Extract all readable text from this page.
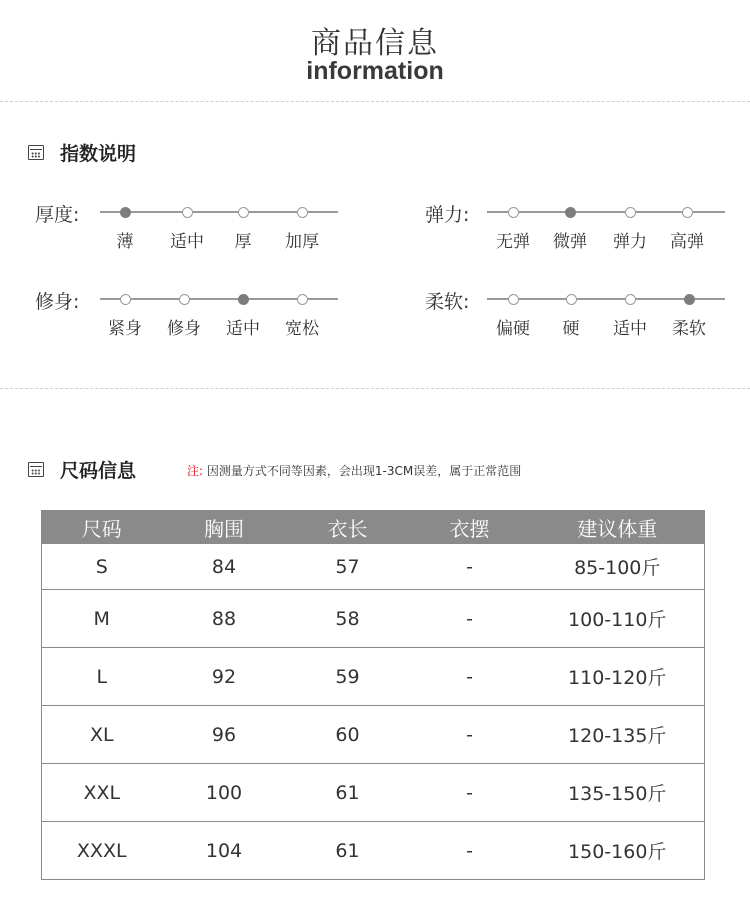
商品信息
information
指数说明
厚度:
薄	适中	厚	加厚
弹力:
无弹	微弹	弹力	高弹
修身:
紧身	修身	适中	宽松
柔软:
偏硬	硬	适中	柔软
尺码信息	注: 因测量方式不同等因素，会出现1-3CM误差，属于正常范围
尺码	胸围	衣长	衣摆	建议体重
S	84	57	-	85-100斤
M	88	58	-	100-110斤
L	92	59	-	110-120斤
XL	96	60	-	120-135斤
XXL	100	61	-	135-150斤
XXXL	104	61	-	150-160斤
